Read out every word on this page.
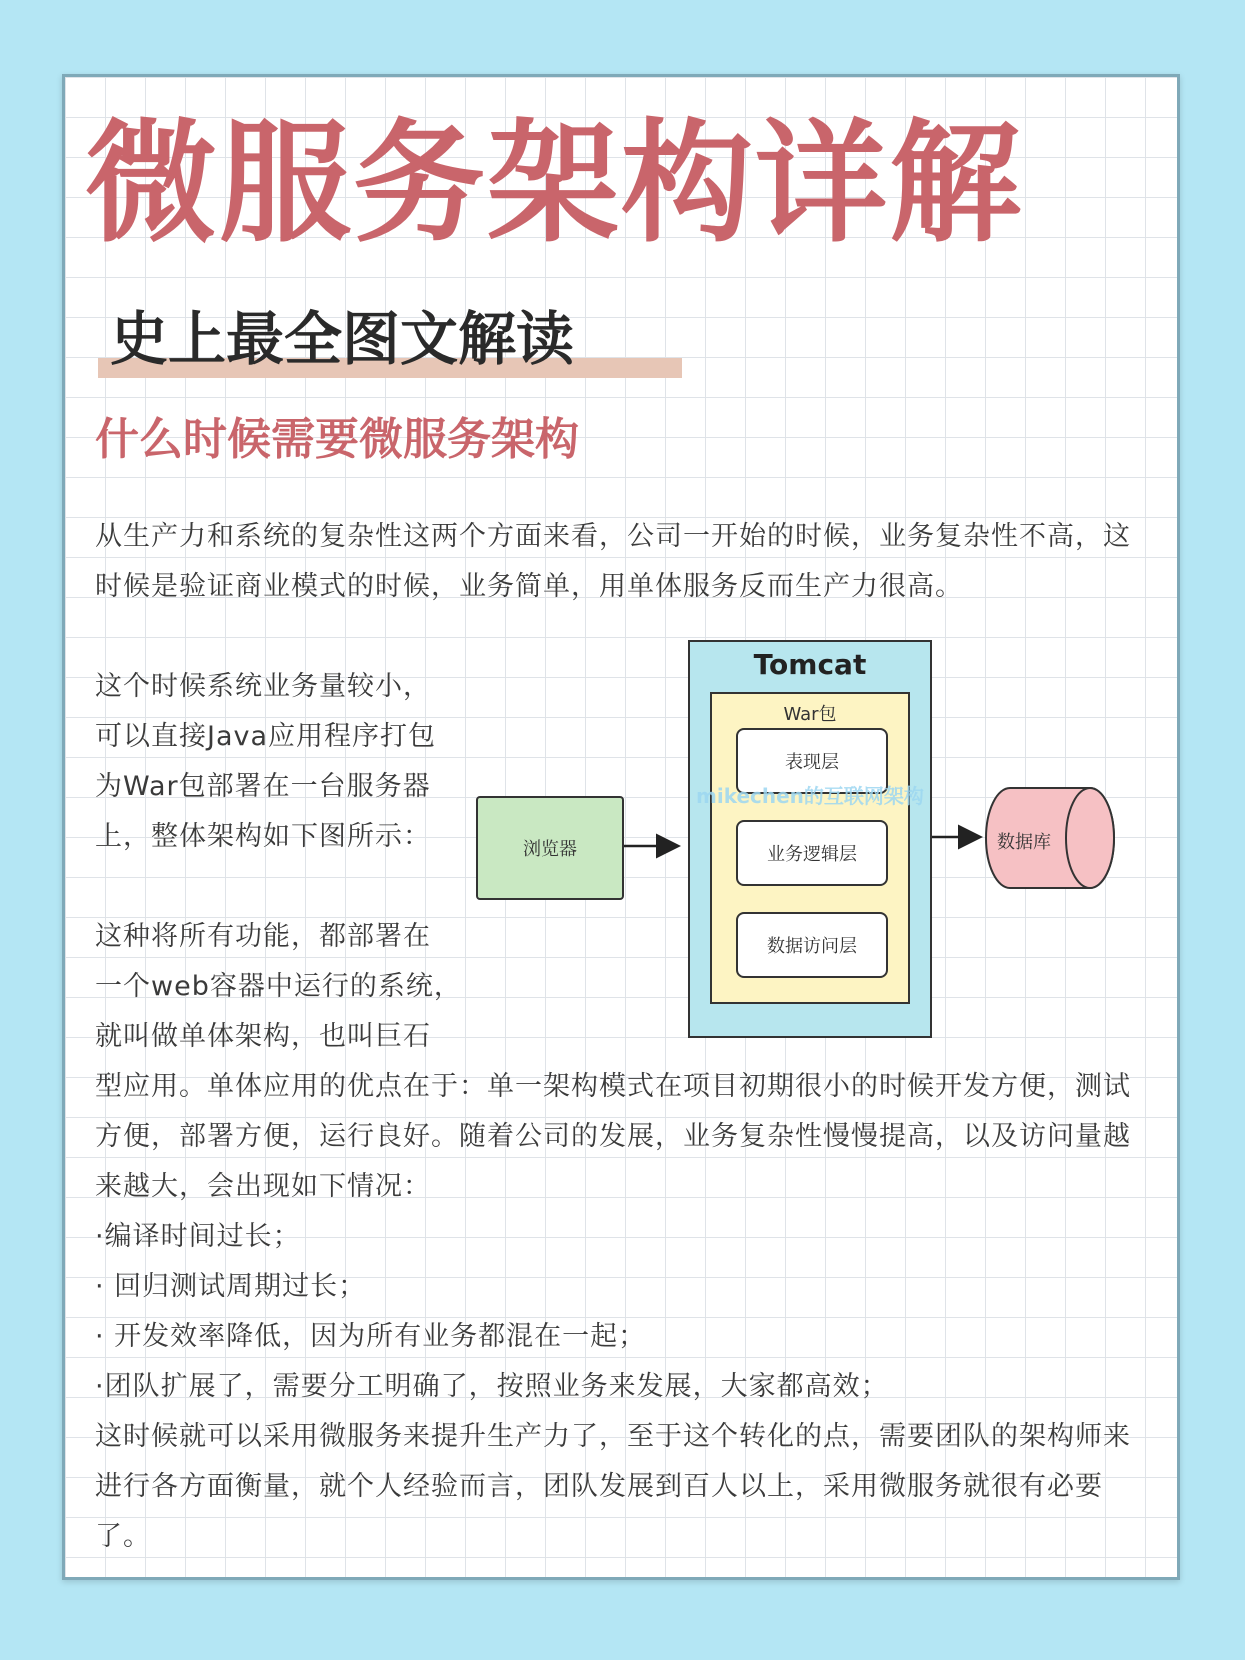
微服务架构详解
史上最全图文解读
什么时候需要微服务架构
从生产力和系统的复杂性这两个方面来看，公司一开始的时候，业务复杂性不高，这时候是验证商业模式的时候，业务简单，用单体服务反而生产力很高。
这个时候系统业务量较小，
可以直接Java应用程序打包
为War包部署在一台服务器
上，整体架构如下图所示：
这种将所有功能，都部署在
一个web容器中运行的系统，
就叫做单体架构，也叫巨石
浏览器
Tomcat
War包
表现层
业务逻辑层
数据访问层
mikechen的互联网架构
数据库
型应用。单体应用的优点在于：单一架构模式在项目初期很小的时候开发方便，测试方便，部署方便，运行良好。随着公司的发展，业务复杂性慢慢提高，以及访问量越来越大，会出现如下情况：
·编译时间过长；
· 回归测试周期过长；
· 开发效率降低，因为所有业务都混在一起；
·团队扩展了，需要分工明确了，按照业务来发展，大家都高效；
这时候就可以采用微服务来提升生产力了，至于这个转化的点，需要团队的架构师来进行各方面衡量，就个人经验而言，团队发展到百人以上，采用微服务就很有必要了。
